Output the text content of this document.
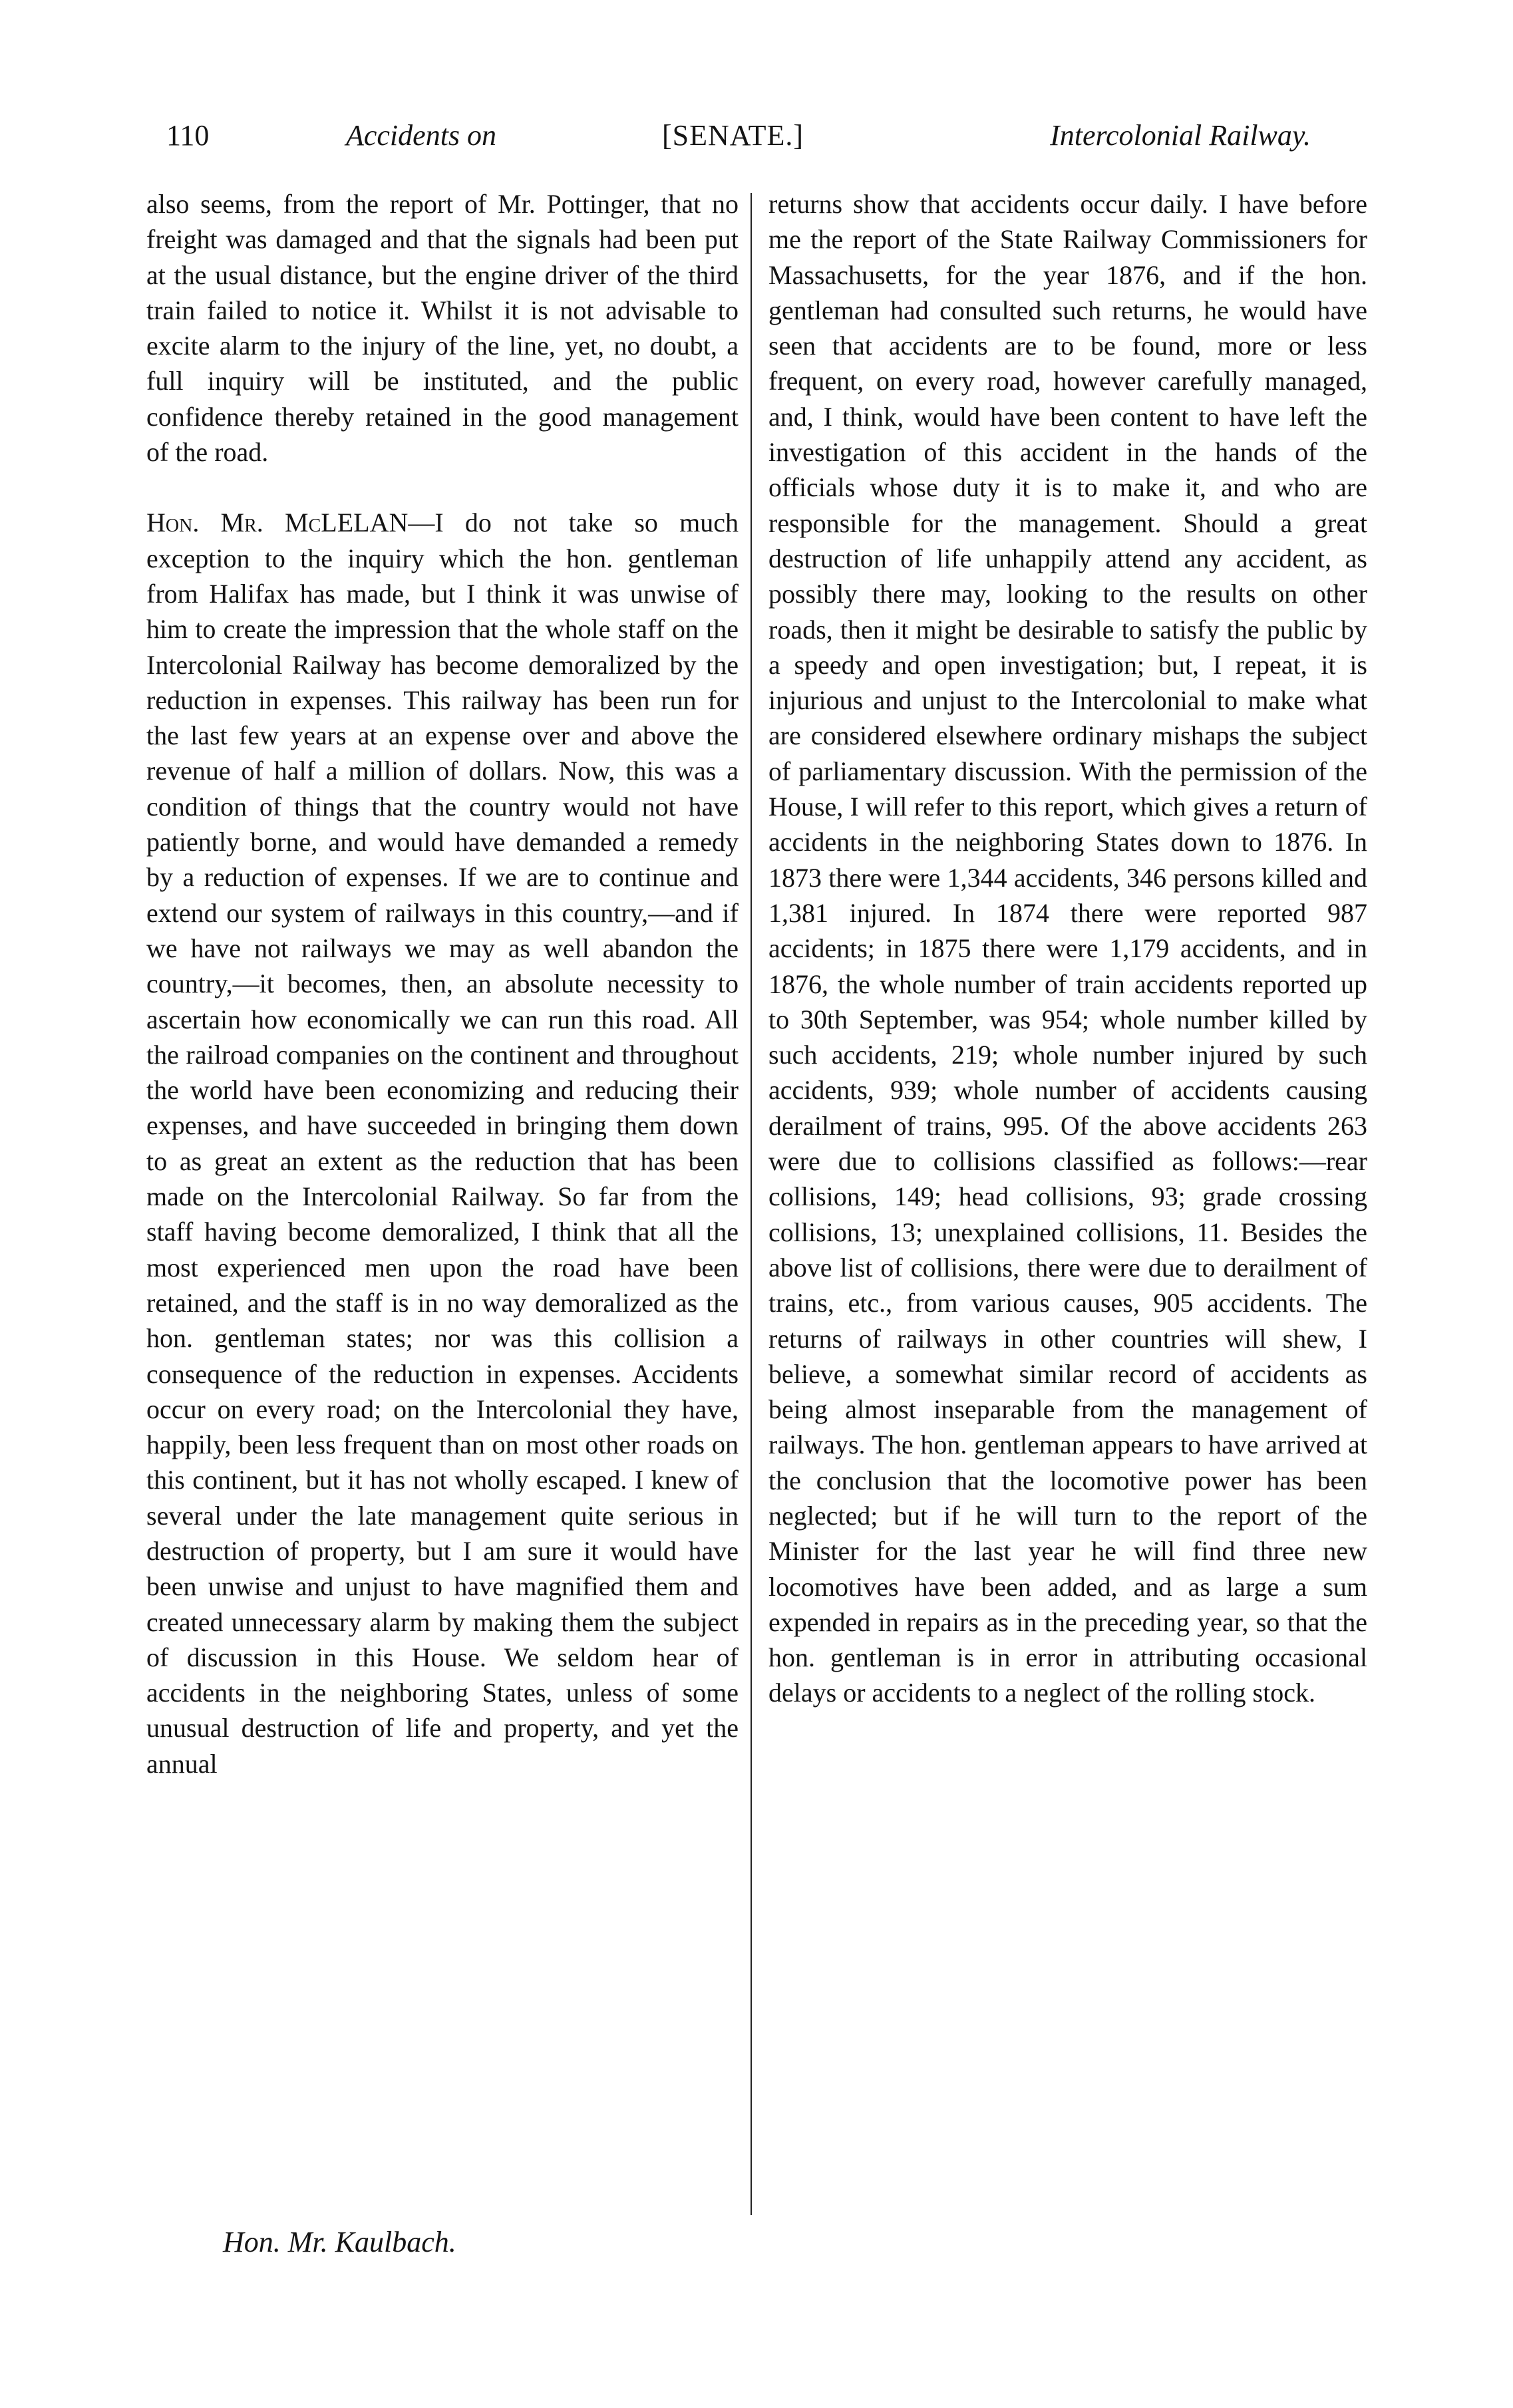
110	Accidents on	[SENATE.]	Intercolonial Railway.

also seems, from the report of Mr. Pottinger, that no freight was damaged and that the signals had been put at the usual distance, but the engine driver of the third train failed to notice it. Whilst it is not advisable to excite alarm to the injury of the line, yet, no doubt, a full inquiry will be instituted, and the public confidence thereby retained in the good management of the road.

Hon. Mr. McLELAN—I do not take so much exception to the inquiry which the hon. gentleman from Halifax has made, but I think it was unwise of him to create the impression that the whole staff on the Intercolonial Railway has become demoralized by the reduction in expenses. This railway has been run for the last few years at an expense over and above the revenue of half a million of dollars. Now, this was a condition of things that the country would not have patiently borne, and would have demanded a remedy by a reduction of expenses. If we are to continue and extend our system of railways in this country,—and if we have not railways we may as well abandon the country,—it becomes, then, an absolute necessity to ascertain how economically we can run this road. All the railroad companies on the continent and throughout the world have been economizing and reducing their expenses, and have succeeded in bringing them down to as great an extent as the reduction that has been made on the Intercolonial Railway. So far from the staff having become demoralized, I think that all the most experienced men upon the road have been retained, and the staff is in no way demoralized as the hon. gentleman states; nor was this collision a consequence of the reduction in expenses. Accidents occur on every road; on the Intercolonial they have, happily, been less frequent than on most other roads on this continent, but it has not wholly escaped. I knew of several under the late management quite serious in destruction of property, but I am sure it would have been unwise and unjust to have magnified them and created unnecessary alarm by making them the subject of discussion in this House. We seldom hear of accidents in the neighboring States, unless of some unusual destruction of life and property, and yet the annual

returns show that accidents occur daily. I have before me the report of the State Railway Commissioners for Massachusetts, for the year 1876, and if the hon. gentleman had consulted such returns, he would have seen that accidents are to be found, more or less frequent, on every road, however carefully managed, and, I think, would have been content to have left the investigation of this accident in the hands of the officials whose duty it is to make it, and who are responsible for the management. Should a great destruction of life unhappily attend any accident, as possibly there may, looking to the results on other roads, then it might be desirable to satisfy the public by a speedy and open investigation; but, I repeat, it is injurious and unjust to the Intercolonial to make what are considered elsewhere ordinary mishaps the subject of parliamentary discussion. With the permission of the House, I will refer to this report, which gives a return of accidents in the neighboring States down to 1876. In 1873 there were 1,344 accidents, 346 persons killed and 1,381 injured. In 1874 there were reported 987 accidents; in 1875 there were 1,179 accidents, and in 1876, the whole number of train accidents reported up to 30th September, was 954; whole number killed by such accidents, 219; whole number injured by such accidents, 939; whole number of accidents causing derailment of trains, 995. Of the above accidents 263 were due to collisions classified as follows:—rear collisions, 149; head collisions, 93; grade crossing collisions, 13; unexplained collisions, 11. Besides the above list of collisions, there were due to derailment of trains, etc., from various causes, 905 accidents. The returns of railways in other countries will shew, I believe, a somewhat similar record of accidents as being almost inseparable from the management of railways. The hon. gentleman appears to have arrived at the conclusion that the locomotive power has been neglected; but if he will turn to the report of the Minister for the last year he will find three new locomotives have been added, and as large a sum expended in repairs as in the preceding year, so that the hon. gentleman is in error in attributing occasional delays or accidents to a neglect of the rolling stock.

Hon. Mr. Kaulbach.
